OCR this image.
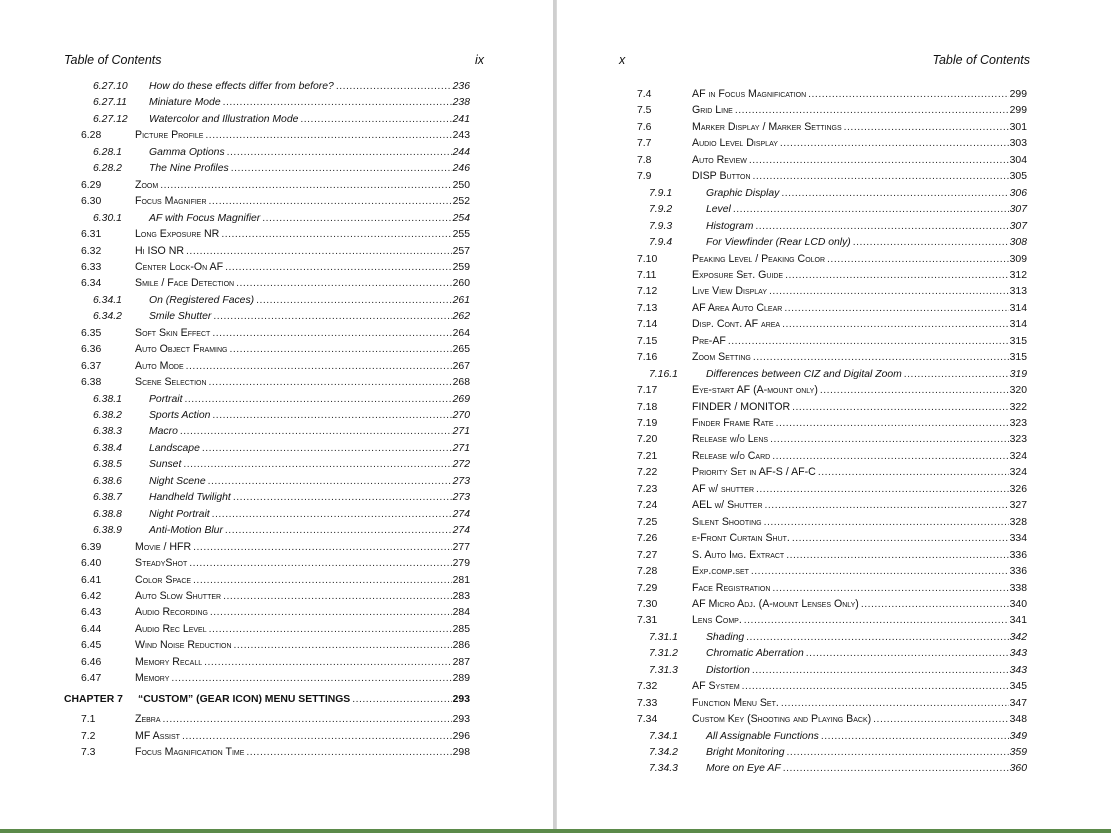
Table of Contents	ix
6.27.10 How do these effects differ from before? .....	236
6.27.11 Miniature Mode .....	238
6.27.12 Watercolor and Illustration Mode .....	241
6.28	Picture Profile .....	243
6.28.1	Gamma Options .....	244
6.28.2	The Nine Profiles .....	246
6.29	Zoom .....	250
6.30	Focus Magnifier .....	252
6.30.1	AF with Focus Magnifier .....	254
6.31	Long Exposure NR .....	255
6.32	Hi ISO NR .....	257
6.33	Center Lock-On AF .....	259
6.34	Smile / Face Detection .....	260
6.34.1	On (Registered Faces) .....	261
6.34.2	Smile Shutter .....	262
6.35	Soft Skin Effect .....	264
6.36	Auto Object Framing .....	265
6.37	Auto Mode .....	267
6.38	Scene Selection .....	268
6.38.1	Portrait .....	269
6.38.2	Sports Action .....	270
6.38.3	Macro .....	271
6.38.4	Landscape .....	271
6.38.5	Sunset .....	272
6.38.6	Night Scene .....	273
6.38.7	Handheld Twilight .....	273
6.38.8	Night Portrait .....	274
6.38.9	Anti-Motion Blur .....	274
6.39	Movie / HFR .....	277
6.40	SteadyShot .....	279
6.41	Color Space .....	281
6.42	Auto Slow Shutter .....	283
6.43	Audio Recording .....	284
6.44	Audio Rec Level .....	285
6.45	Wind Noise Reduction .....	286
6.46	Memory Recall .....	287
6.47	Memory .....	289
CHAPTER 7 “CUSTOM” (GEAR ICON) MENU SETTINGS .....	293
7.1	Zebra .....	293
7.2	MF Assist .....	296
7.3	Focus Magnification Time .....	298
x	Table of Contents
7.4	AF in Focus Magnification .....	299
7.5	Grid Line .....	299
7.6	Marker Display / Marker Settings .....	301
7.7	Audio Level Display .....	303
7.8	Auto Review .....	304
7.9	DISP Button .....	305
7.9.1	Graphic Display .....	306
7.9.2	Level .....	307
7.9.3	Histogram .....	307
7.9.4	For Viewfinder (Rear LCD only) .....	308
7.10	Peaking Level / Peaking Color .....	309
7.11	Exposure Set. Guide .....	312
7.12	Live View Display .....	313
7.13	AF Area Auto Clear .....	314
7.14	Disp. Cont. AF area .....	314
7.15	Pre-AF .....	315
7.16	Zoom Setting .....	315
7.16.1	Differences between CIZ and Digital Zoom .....	319
7.17	Eye-start AF (A-mount only) .....	320
7.18	FINDER / MONITOR .....	322
7.19	Finder Frame Rate .....	323
7.20	Release w/o Lens .....	323
7.21	Release w/o Card .....	324
7.22	Priority Set in AF-S / AF-C .....	324
7.23	AF w/ shutter .....	326
7.24	AEL w/ Shutter .....	327
7.25	Silent Shooting .....	328
7.26	e-Front Curtain Shut. .....	334
7.27	S. Auto Img. Extract .....	336
7.28	Exp.comp.set .....	336
7.29	Face Registration .....	338
7.30	AF Micro Adj. (A-mount Lenses Only) .....	340
7.31	Lens Comp. .....	341
7.31.1	Shading .....	342
7.31.2	Chromatic Aberration .....	343
7.31.3	Distortion .....	343
7.32	AF System .....	345
7.33	Function Menu Set. .....	347
7.34	Custom Key (Shooting and Playing Back) .....	348
7.34.1	All Assignable Functions .....	349
7.34.2	Bright Monitoring .....	359
7.34.3	More on Eye AF .....	360
